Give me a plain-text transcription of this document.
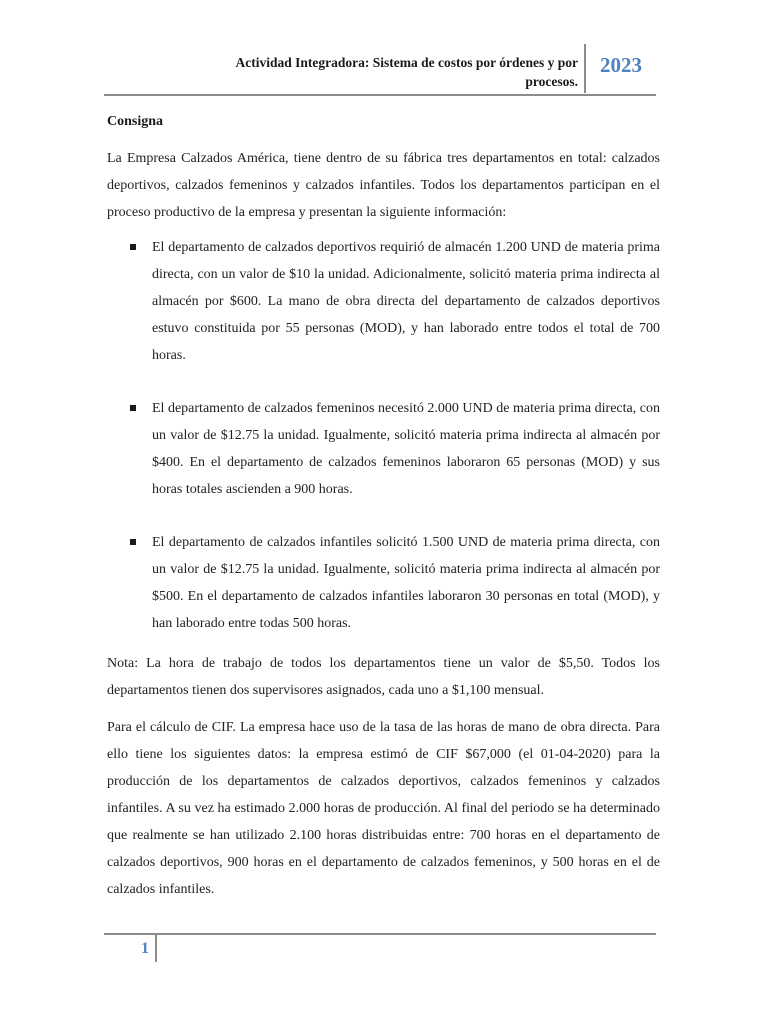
Actividad Integradora: Sistema de costos por órdenes y por
procesos.
2023

Consigna

La Empresa Calzados América, tiene dentro de su fábrica tres departamentos en total: calzados deportivos, calzados femeninos y calzados infantiles. Todos los departamentos participan en el proceso productivo de la empresa y presentan la siguiente información:

El departamento de calzados deportivos requirió de almacén 1.200 UND de materia prima directa, con un valor de $10 la unidad. Adicionalmente, solicitó materia prima indirecta al almacén por $600. La mano de obra directa del departamento de calzados deportivos estuvo constituida por 55 personas (MOD), y han laborado entre todos el total de 700 horas.
El departamento de calzados femeninos necesitó 2.000 UND de materia prima directa, con un valor de $12.75 la unidad. Igualmente, solicitó materia prima indirecta al almacén por $400. En el departamento de calzados femeninos laboraron 65 personas (MOD) y sus horas totales ascienden a 900 horas.
El departamento de calzados infantiles solicitó 1.500 UND de materia prima directa, con un valor de $12.75 la unidad. Igualmente, solicitó materia prima indirecta al almacén por $500. En el departamento de calzados infantiles laboraron 30 personas en total (MOD), y han laborado entre todas 500 horas.

Nota: La hora de trabajo de todos los departamentos tiene un valor de $5,50. Todos los departamentos tienen dos supervisores asignados, cada uno a $1,100 mensual.

Para el cálculo de CIF. La empresa hace uso de la tasa de las horas de mano de obra directa. Para ello tiene los siguientes datos: la empresa estimó de CIF $67,000 (el 01-04-2020) para la producción de los departamentos de calzados deportivos, calzados femeninos y calzados infantiles. A su vez ha estimado 2.000 horas de producción. Al final del periodo se ha determinado que realmente se han utilizado 2.100 horas distribuidas entre: 700 horas en el departamento de calzados deportivos, 900 horas en el departamento de calzados femeninos, y 500 horas en el de calzados infantiles.

1
